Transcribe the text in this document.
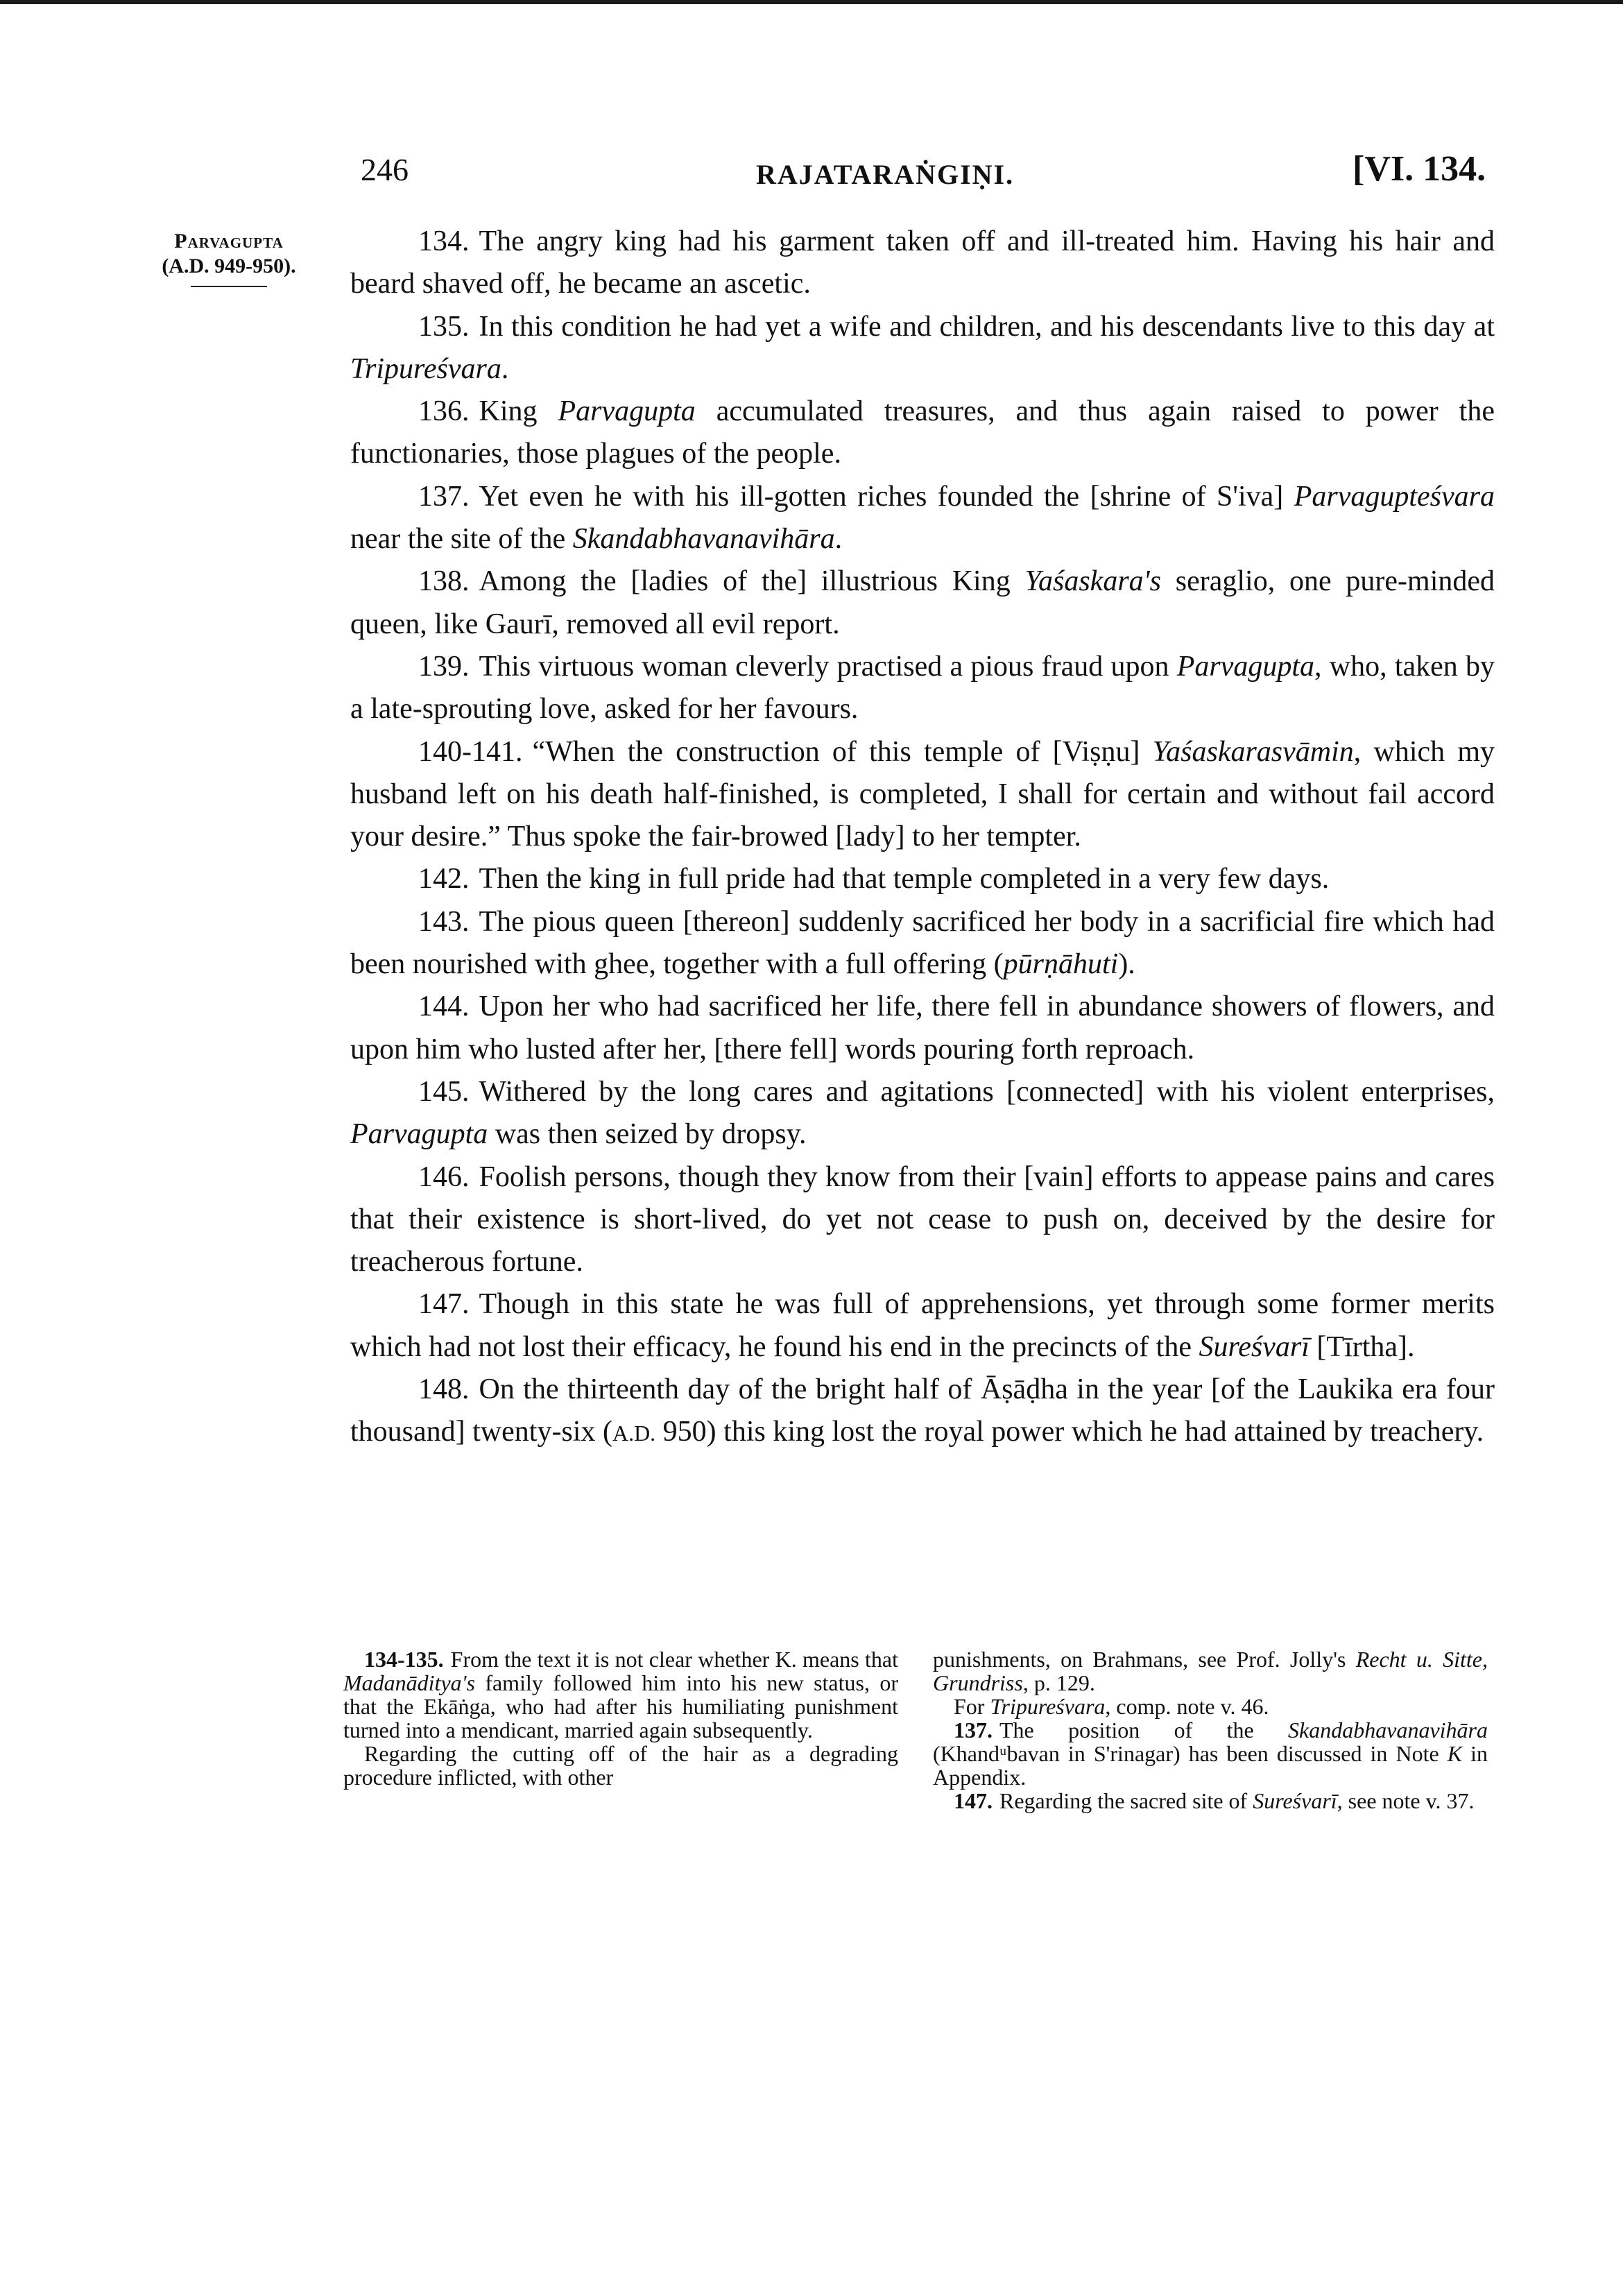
246	RAJATARAṄGIṆI.	[VI. 134.
Parvagupta
(A.D. 949-950).

134. The angry king had his garment taken off and ill-treated him. Having his hair and beard shaved off, he became an ascetic.

135. In this condition he had yet a wife and children, and his descendants live to this day at Tripureśvara.

136. King Parvagupta accumulated treasures, and thus again raised to power the functionaries, those plagues of the people.

137. Yet even he with his ill-gotten riches founded the [shrine of S'iva] Parvagupteśvara near the site of the Skandabhavanavihāra.

138. Among the [ladies of the] illustrious King Yaśaskara's seraglio, one pure-minded queen, like Gaurī, removed all evil report.

139. This virtuous woman cleverly practised a pious fraud upon Parvagupta, who, taken by a late-sprouting love, asked for her favours.

140-141. “When the construction of this temple of [Viṣṇu] Yaśaskarasvāmin, which my husband left on his death half-finished, is completed, I shall for certain and without fail accord your desire.” Thus spoke the fair-browed [lady] to her tempter.

142. Then the king in full pride had that temple completed in a very few days.

143. The pious queen [thereon] suddenly sacrificed her body in a sacrificial fire which had been nourished with ghee, together with a full offering (pūrṇāhuti).

144. Upon her who had sacrificed her life, there fell in abundance showers of flowers, and upon him who lusted after her, [there fell] words pouring forth reproach.

145. Withered by the long cares and agitations [connected] with his violent enterprises, Parvagupta was then seized by dropsy.

146. Foolish persons, though they know from their [vain] efforts to appease pains and cares that their existence is short-lived, do yet not cease to push on, deceived by the desire for treacherous fortune.

147. Though in this state he was full of apprehensions, yet through some former merits which had not lost their efficacy, he found his end in the precincts of the Sureśvarī [Tīrtha].

148. On the thirteenth day of the bright half of Āṣāḍha in the year [of the Laukika era four thousand] twenty-six (A.D. 950) this king lost the royal power which he had attained by treachery.

134-135. From the text it is not clear whether K. means that Madanāditya's family followed him into his new status, or that the Ekāṅga, who had after his humiliating punishment turned into a mendicant, married again subsequently.

Regarding the cutting off of the hair as a degrading procedure inflicted, with other

punishments, on Brahmans, see Prof. Jolly's Recht u. Sitte, Grundriss, p. 129.

For Tripureśvara, comp. note v. 46.

137. The position of the Skandabhavanavihāra (Khandᵘbavan in S'rinagar) has been discussed in Note K in Appendix.

147. Regarding the sacred site of Sureśvarī, see note v. 37.
